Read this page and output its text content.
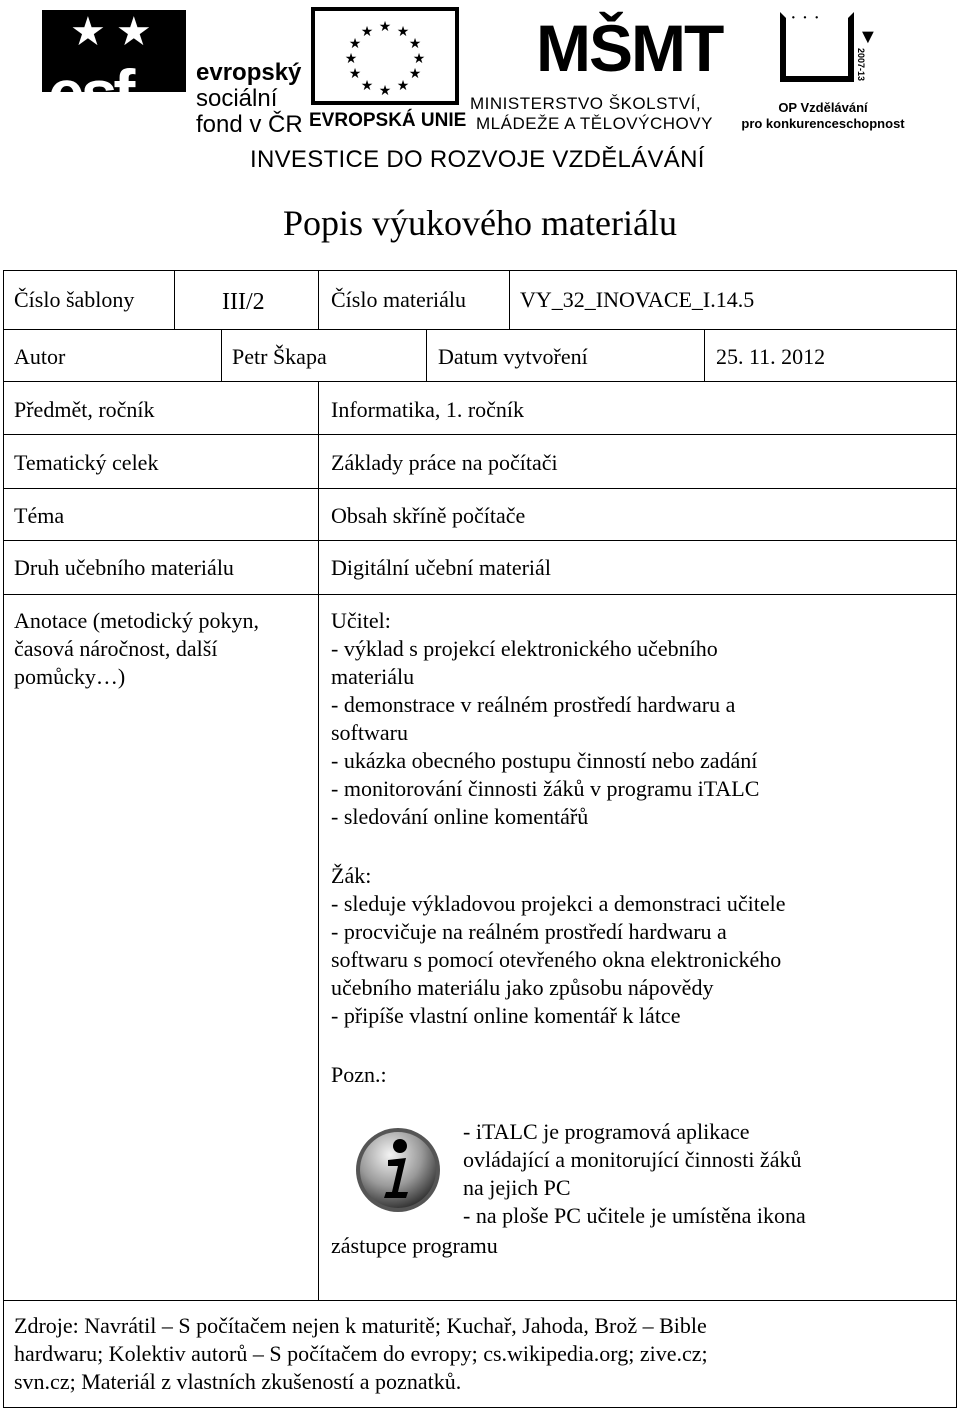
esf
★ ★
evropský
sociální
fond v ČR
★ ★
★
★
★
★
★
★
★
★
★
★
EVROPSKÁ UNIE
MŠMT
MINISTERSTVO ŠKOLSTVÍ,
MLÁDEŽE A TĚLOVÝCHOVY
· · ·
▼
2007-13
OP Vzdělávání
pro konkurenceschopnost
INVESTICE DO ROZVOJE VZDĚLÁVÁNÍ
Popis výukového materiálu
Číslo šablony	III/2	Číslo materiálu VY_32_INOVACE_I.14.5
Autor	Petr Škapa	Datum vytvoření	25. 11. 2012
Předmět, ročník	Informatika, 1. ročník
Tematický celek	Základy práce na počítači
Téma	Obsah skříně počítače
Druh učebního materiálu	Digitální učební materiál
Anotace (metodický pokyn,
časová náročnost, další
pomůcky…)
Učitel:
- výklad s projekcí elektronického učebního
materiálu
- demonstrace v reálném prostředí hardwaru a
softwaru
- ukázka obecného postupu činností nebo zadání
- monitorování činnosti žáků v programu iTALC
- sledování online komentářů
Žák:
- sleduje výkladovou projekci a demonstraci učitele
- procvičuje na reálném prostředí hardwaru a
softwaru s pomocí otevřeného okna elektronického
učebního materiálu jako způsobu nápovědy
- připíše vlastní online komentář k látce
Pozn.:
- iTALC je programová aplikace
ovládající a monitorující činnosti žáků
na jejich PC
- na ploše PC učitele je umístěna ikona
zástupce programu
Zdroje: Navrátil – S počítačem nejen k maturitě; Kuchař, Jahoda, Brož – Bible
hardwaru; Kolektiv autorů – S počítačem do evropy; cs.wikipedia.org; zive.cz;
svn.cz; Materiál z vlastních zkušeností a poznatků.
